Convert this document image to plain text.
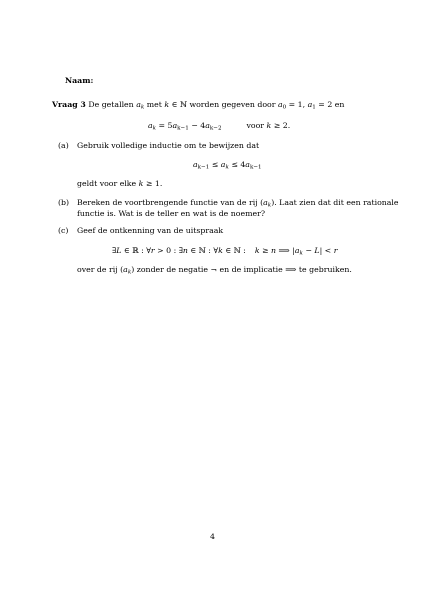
Naam:
Vraag 3 De getallen $a_k$ met k ∈ ℕ worden gegeven door $a_0 = 1$, $a_1 = 2$ en
$a_k = 5a_{k-1} - 4a_{k-2}$	voor k ≥ 2.
(a) Gebruik volledige inductie om te bewijzen dat
$a_{k-1} \le a_k \le 4a_{k-1}$
geldt voor elke k ≥ 1.
(b) Bereken de voortbrengende functie van de rij $(a_k)$. Laat zien dat dit een rationale
functie is. Wat is de teller en wat is de noemer?
(c) Geef de ontkenning van de uitspraak
∃L ∈ ℝ : ∀r > 0 : ∃n ∈ ℕ : ∀k ∈ ℕ : k ≥ n ⟹ $|a_k - L| < r$
over de rij $(a_k)$ zonder de negatie ¬ en de implicatie ⟹ te gebruiken.
4
